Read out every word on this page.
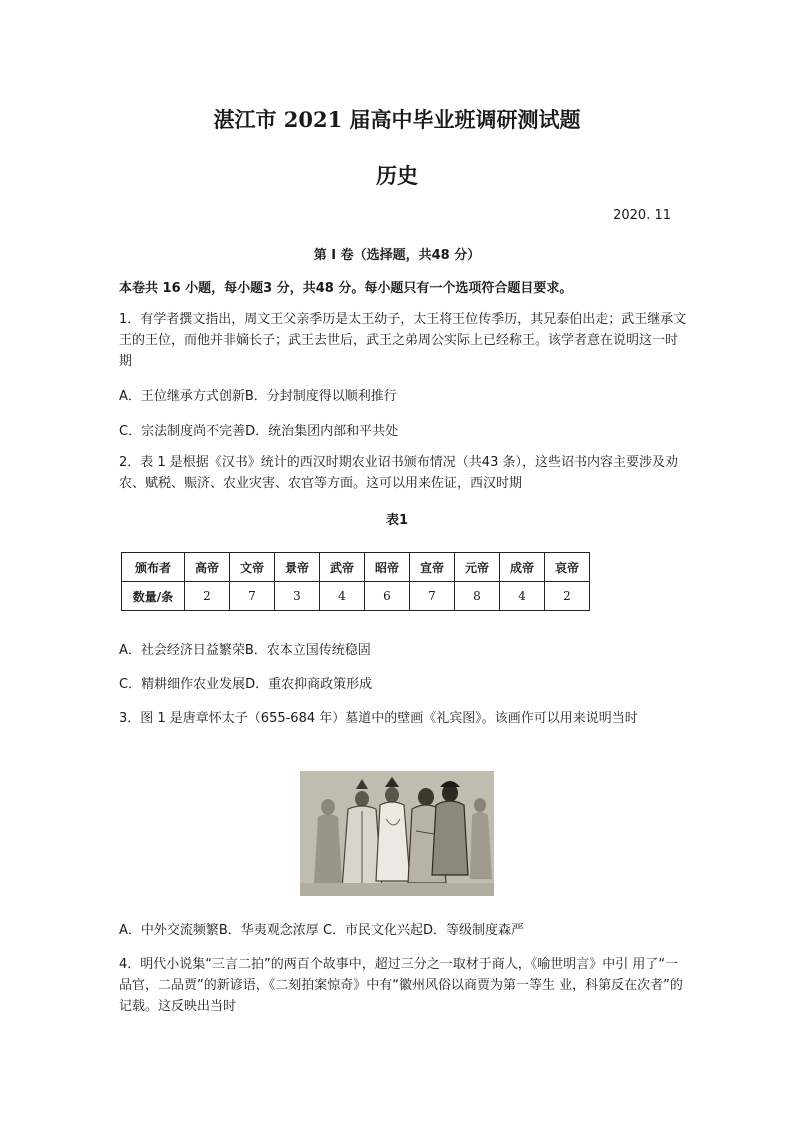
湛江市 2021 届高中毕业班调研测试题
历史
2020. 11
第 I 卷（选择题，共48 分）
本卷共 16 小题，每小题3 分，共48 分。每小题只有一个选项符合题目要求。
1．有学者撰文指出，周文王父亲季历是太王幼子，太王将王位传季历，其兄泰伯出走；武王继承文王的王位，而他并非嫡长子；武王去世后，武王之弟周公实际上已经称王。该学者意在说明这一时期
A．王位继承方式创新B．分封制度得以顺利推行
C．宗法制度尚不完善D．统治集团内部和平共处
2．表 1 是根据《汉书》统计的西汉时期农业诏书颁布情况（共43 条），这些诏书内容主要涉及劝农、赋税、赈济、农业灾害、农官等方面。这可以用来佐证，西汉时期
表1
颁布者	高帝	文帝	景帝	武帝	昭帝	宣帝	元帝	成帝	哀帝
数量/条	2	7	3	4	6	7	8	4	2
A．社会经济日益繁荣B．农本立国传统稳固
C．精耕细作农业发展D．重农抑商政策形成
3．图 1 是唐章怀太子（655-684 年）墓道中的壁画《礼宾图》。该画作可以用来说明当时
A．中外交流频繁B．华夷观念浓厚 C．市民文化兴起D．等级制度森严
4．明代小说集“三言二拍”的两百个故事中，超过三分之一取材于商人，《喻世明言》中引 用了“一品官，二品贾”的新谚语，《二刻拍案惊奇》中有“徽州风俗以商贾为第一等生 业，科第反在次者”的记载。这反映出当时
